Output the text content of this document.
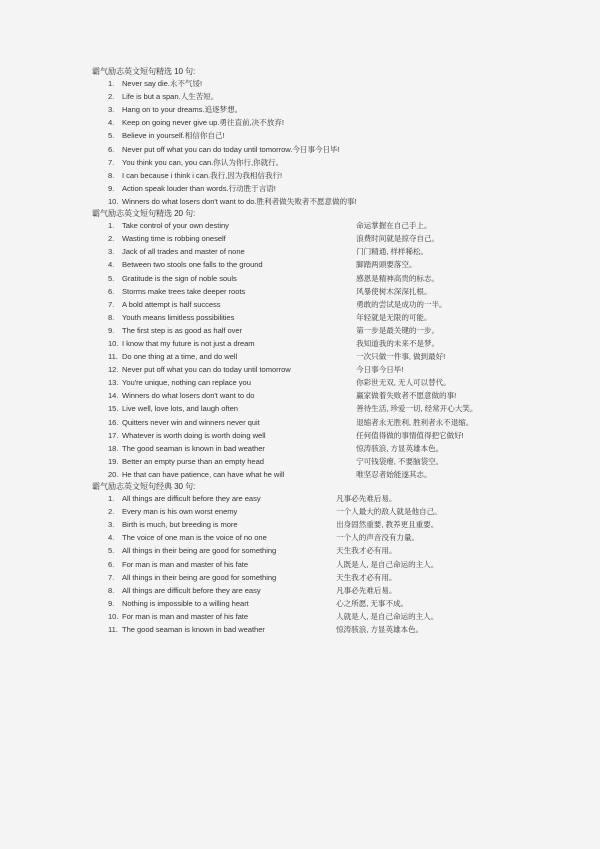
霸气励志英文短句精选 10 句:
1. Never say die.永不气馁!
2. Life is but a span.人生苦短。
3. Hang on to your dreams.追逐梦想。
4. Keep on going never give up.勇往直前,决不放弃!
5. Believe in yourself.相信你自己!
6. Never put off what you can do today until tomorrow.今日事今日毕!
7. You think you can, you can.你认为你行,你就行。
8. I can because i think i can.我行,因为我相信我行!
9. Action speak louder than words.行动胜于言语!
10. Winners do what losers don't want to do.胜利者做失败者不愿意做的事!
霸气励志英文短句精选 20 句:
1. Take control of your own destiny	命运掌握在自己手上。
2. Wasting time is robbing oneself	浪费时间就是掠夺自己。
3. Jack of all trades and master of none	门门精通, 样样稀松。
4. Between two stools one falls to the ground	脚踏两頭要落空。
5. Gratitude is the sign of noble souls	感恩是精神高贵的标志。
6. Storms make trees take deeper roots	风暴使树木深深扎根。
7. A bold attempt is half success	勇敢的尝试是成功的一半。
8. Youth means limitless possibilities	年轻就是无限的可能。
9. The first step is as good as half over	第一步是最关键的一步。
10. I know that my future is not just a dream	我知道我的未来不是梦。
11. Do one thing at a time, and do well	一次只做一件事, 做到最好!
12. Never put off what you can do today until tomorrow	今日事今日毕!
13. You're unique, nothing can replace you	你彩世无双, 无人可以替代。
14. Winners do what losers don't want to do	赢家做着失败者不愿意做的事!
15. Live well, love lots, and laugh often	善待生活, 珍爱一切, 经常开心大笑。
16. Quitters never win and winners never quit	退缩者永无胜利, 胜利者永不退缩。
17. Whatever is worth doing is worth doing well	任何值得做的事情值得把它做好!
18. The good seaman is known in bad weather	惊涛骇浪, 方显英雄本色。
19. Better an empty purse than an empty head	宁可钱袋瘪, 不要脑袋空。
20. He that can have patience, can have what he will	唯坚忍者始能遂其志。
霸气励志英文短句经典 30 句:
1. All things are difficult before they are easy	凡事必先难后易。
2. Every man is his own worst enemy	一个人最大的敌人就是他自己。
3. Birth is much, but breeding is more	出身固然重要, 教养更且重要。
4. The voice of one man is the voice of no one	一个人的声音没有力量。
5. All things in their being are good for something	天生我才必有用。
6. For man is man and master of his fate	人既是人, 是自己命运的主人。
7. All things in their being are good for something	天生我才必有用。
8. All things are difficult before they are easy	凡事必先难后易。
9. Nothing is impossible to a willing heart	心之所愿, 无事不成。
10. For man is man and master of his fate	人就是人, 是自己命运的主人。
11. The good seaman is known in bad weather	惊涛骇浪, 方显英雄本色。
